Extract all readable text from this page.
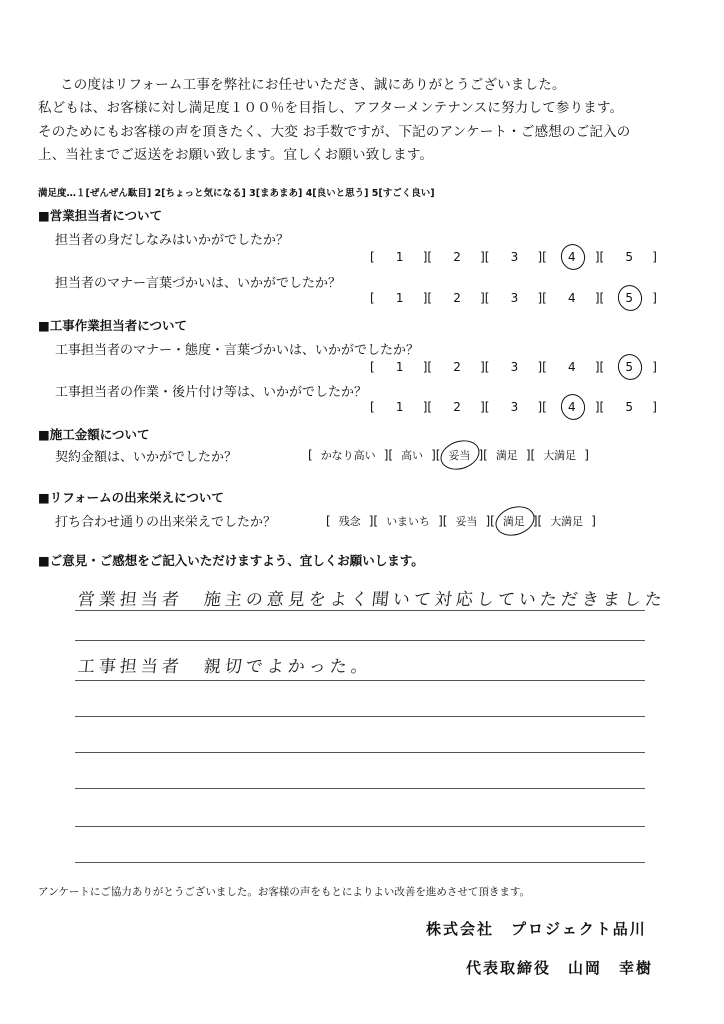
この度はリフォーム工事を弊社にお任せいただき、誠にありがとうございました。
私どもは、お客様に対し満足度１００％を目指し、アフターメンテナンスに努力して参ります。
そのためにもお客様の声を頂きたく、大変 お手数ですが、下記のアンケート・ご感想のご記入の
上、当社までご返送をお願い致します。宜しくお願い致します。
満足度…１[ぜんぜん駄目] 2[ちょっと気になる] 3[まあまあ] 4[良いと思う] 5[すごく良い]
■営業担当者について
担当者の身だしなみはいかがでしたか？
[	1	][	2	][	3	][	4	][	5	]
担当者のマナー言葉づかいは、いかがでしたか？
[	1	][	2	][	3	][	4	][	5	]
■工事作業担当者について
工事担当者のマナー・態度・言葉づかいは、いかがでしたか？
[	1	][	2	][	3	][	4	][	5	]
工事担当者の作業・後片付け等は、いかがでしたか？
[	1	][	2	][	3	][	4	][	5	]
■施工金額について
契約金額は、いかがでしたか？	[ かなり高い ][ 高い ][ 妥当 ][ 満足 ][ 大満足 ]
■リフォームの出来栄えについて
打ち合わせ通りの出来栄えでしたか？	[ 残念 ][ いまいち ][ 妥当 ][ 満足 ][ 大満足 ]
■ご意見・ご感想をご記入いただけますよう、宜しくお願いします。
営業担当者　施主の意見をよく聞いて対応していただきました
工事担当者　親切でよかった。
アンケートにご協力ありがとうございました。お客様の声をもとによりよい改善を進めさせて頂きます。
株式会社　プロジェクト品川
代表取締役　山岡　幸樹
